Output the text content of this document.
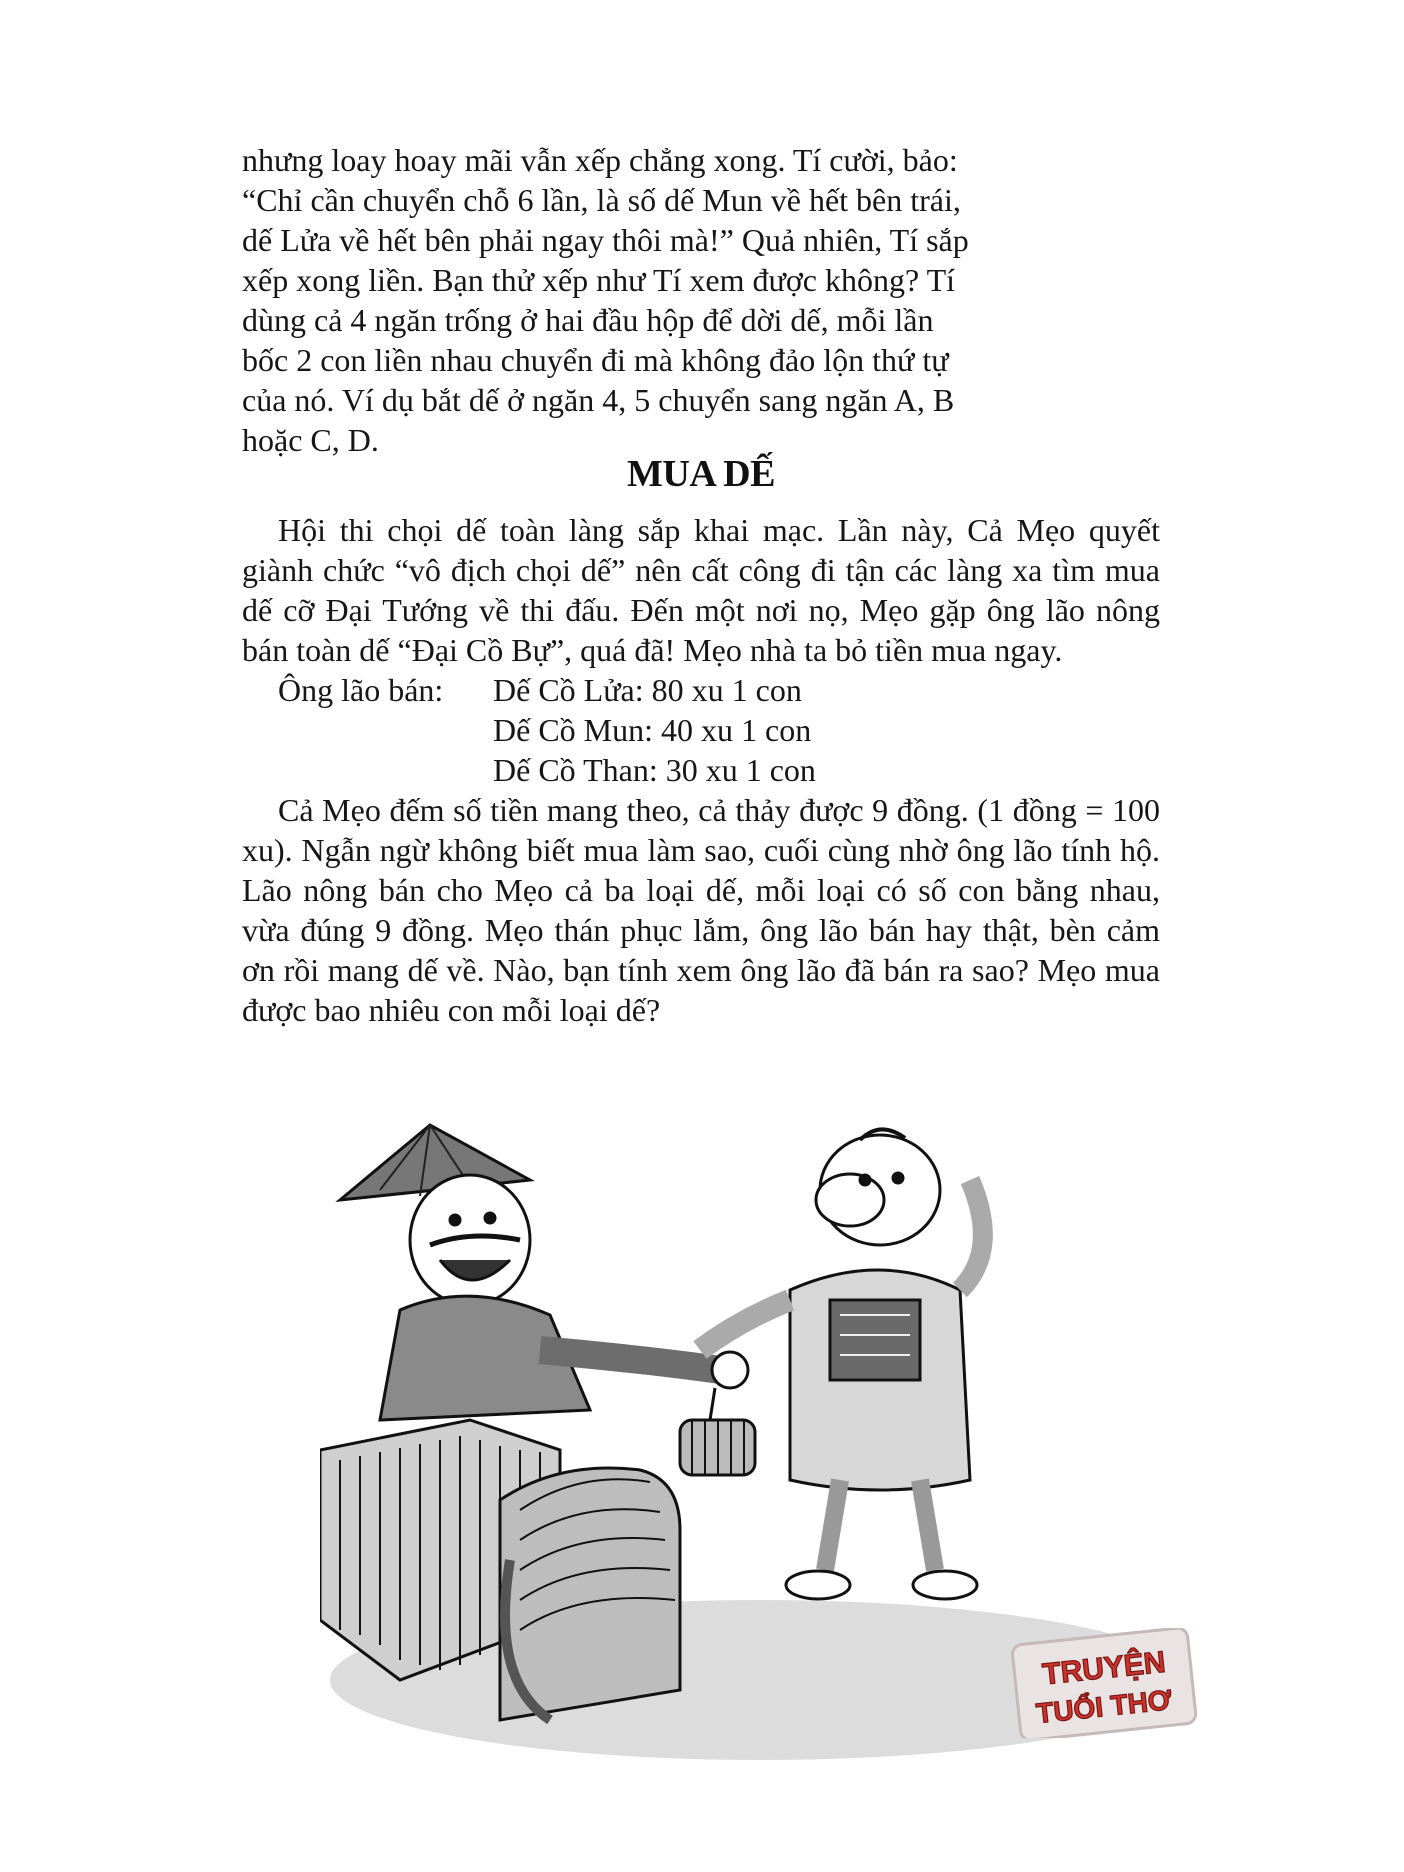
nhưng loay hoay mãi vẫn xếp chẳng xong. Tí cười, bảo:

“Chỉ cần chuyển chỗ 6 lần, là số dế Mun về hết bên trái,

dế Lửa về hết bên phải ngay thôi mà!” Quả nhiên, Tí sắp

xếp xong liền. Bạn thử xếp như Tí xem được không? Tí

dùng cả 4 ngăn trống ở hai đầu hộp để dời dế, mỗi lần

bốc 2 con liền nhau chuyển đi mà không đảo lộn thứ tự

của nó. Ví dụ bắt dế ở ngăn 4, 5 chuyển sang ngăn A, B

hoặc C, D.

MUA DẾ

Hội thi chọi dế toàn làng sắp khai mạc. Lần này, Cả Mẹo quyết giành chức “vô địch chọi dế” nên cất công đi tận các làng xa tìm mua dế cỡ Đại Tướng về thi đấu. Đến một nơi nọ, Mẹo gặp ông lão nông bán toàn dế “Đại Cồ Bự”, quá đã! Mẹo nhà ta bỏ tiền mua ngay.

Ông lão bán:	Dế Cồ Lửa: 80 xu 1 con
Dế Cồ Mun: 40 xu 1 con
Dế Cồ Than: 30 xu 1 con

Cả Mẹo đếm số tiền mang theo, cả thảy được 9 đồng. (1 đồng = 100 xu). Ngẫn ngừ không biết mua làm sao, cuối cùng nhờ ông lão tính hộ. Lão nông bán cho Mẹo cả ba loại dế, mỗi loại có số con bằng nhau, vừa đúng 9 đồng. Mẹo thán phục lắm, ông lão bán hay thật, bèn cảm ơn rồi mang dế về. Nào, bạn tính xem ông lão đã bán ra sao? Mẹo mua được bao nhiêu con mỗi loại dế?

TRUYỆN
TUỔI THƠ
